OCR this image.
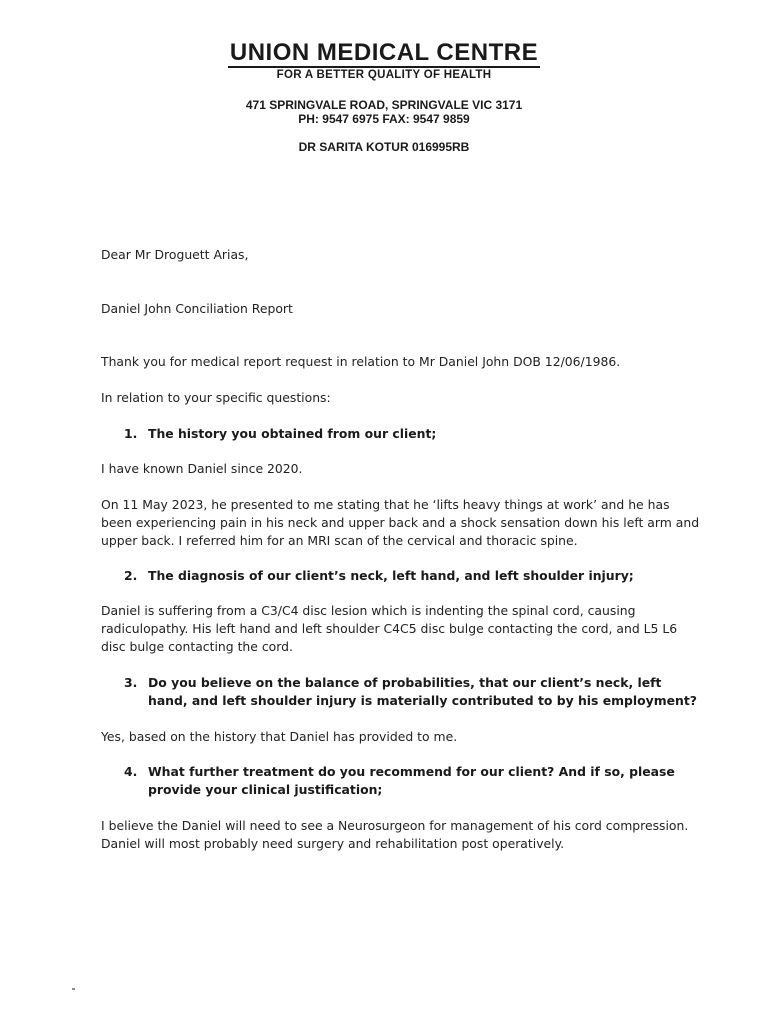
UNION MEDICAL CENTRE
FOR A BETTER QUALITY OF HEALTH
471 SPRINGVALE ROAD, SPRINGVALE VIC 3171
PH: 9547 6975 FAX: 9547 9859
DR SARITA KOTUR 016995RB
Dear Mr Droguett Arias,
Daniel John Conciliation Report
Thank you for medical report request in relation to Mr Daniel John DOB 12/06/1986.
In relation to your specific questions:
1. The history you obtained from our client;
I have known Daniel since 2020.
On 11 May 2023, he presented to me stating that he ‘lifts heavy things at work’ and he has been experiencing pain in his neck and upper back and a shock sensation down his left arm and upper back. I referred him for an MRI scan of the cervical and thoracic spine.
2. The diagnosis of our client’s neck, left hand, and left shoulder injury;
Daniel is suffering from a C3/C4 disc lesion which is indenting the spinal cord, causing radiculopathy. His left hand and left shoulder C4C5 disc bulge contacting the cord, and L5 L6 disc bulge contacting the cord.
3. Do you believe on the balance of probabilities, that our client’s neck, left hand, and left shoulder injury is materially contributed to by his employment?
Yes, based on the history that Daniel has provided to me.
4. What further treatment do you recommend for our client? And if so, please provide your clinical justification;
I believe the Daniel will need to see a Neurosurgeon for management of his cord compression. Daniel will most probably need surgery and rehabilitation post operatively.
